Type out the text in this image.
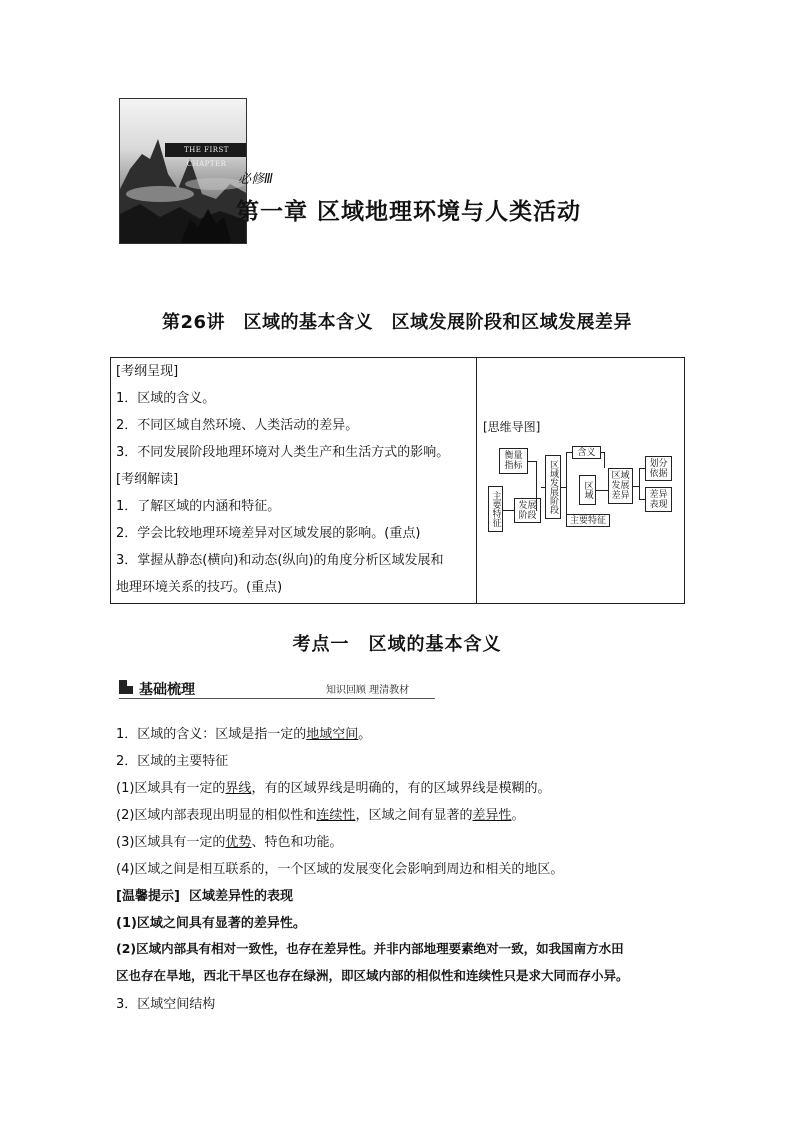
THE FIRST CHAPTER
必修Ⅲ
第一章 区域地理环境与人类活动
第26讲　区域的基本含义　区域发展阶段和区域发展差异
[考纲呈现]
1．区域的含义。
2．不同区域自然环境、人类活动的差异。
3．不同发展阶段地理环境对人类生产和生活方式的影响。
[考纲解读]
1．了解区域的内涵和特征。
2．学会比较地理环境差异对区域发展的影响。(重点)
3．掌握从静态(横向)和动态(纵向)的角度分析区域发展和
地理环境关系的技巧。(重点)
[思维导图]
衡量指标
主要特征 发展阶段
区域发展阶段
含义
区域
主要特征
区域发展差异
划分依据
差异表现
考点一　区域的基本含义
基础梳理	知识回顾 理清教材
1．区域的含义：区域是指一定的地域空间。
2．区域的主要特征
(1)区域具有一定的界线，有的区域界线是明确的，有的区域界线是模糊的。
(2)区域内部表现出明显的相似性和连续性，区域之间有显著的差异性。
(3)区域具有一定的优势、特色和功能。
(4)区域之间是相互联系的，一个区域的发展变化会影响到周边和相关的地区。
[温馨提示] 区域差异性的表现
(1)区域之间具有显著的差异性。
(2)区域内部具有相对一致性，也存在差异性。并非内部地理要素绝对一致，如我国南方水田
区也存在旱地，西北干旱区也存在绿洲，即区域内部的相似性和连续性只是求大同而存小异。
3．区域空间结构
